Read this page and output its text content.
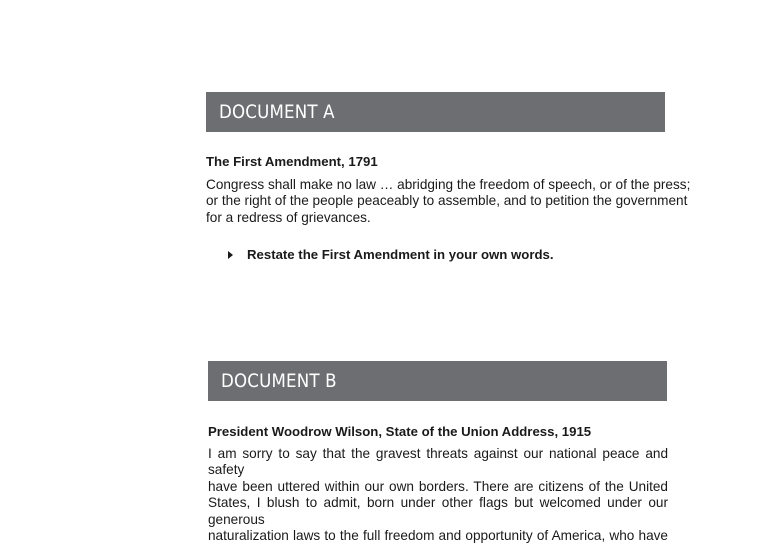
DOCUMENT A
The First Amendment, 1791
Congress shall make no law … abridging the freedom of speech, or of the press;
or the right of the people peaceably to assemble, and to petition the government
for a redress of grievances.
Restate the First Amendment in your own words.
DOCUMENT B
President Woodrow Wilson, State of the Union Address, 1915
I am sorry to say that the gravest threats against our national peace and safety
have been uttered within our own borders. There are citizens of the United
States, I blush to admit, born under other flags but welcomed under our generous
naturalization laws to the full freedom and opportunity of America, who have
